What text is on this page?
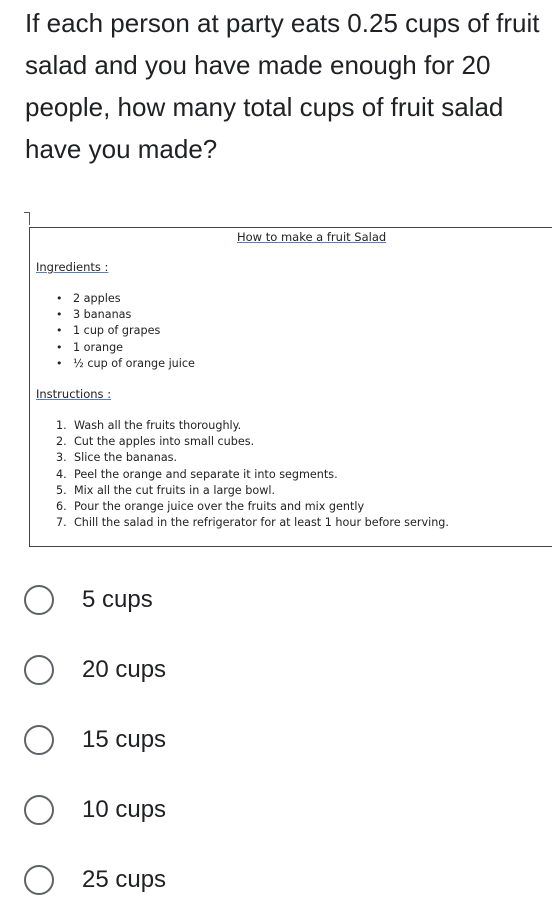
If each person at party eats 0.25 cups of fruit salad and you have made enough for 20 people, how many total cups of fruit salad have you made?
How to make a fruit Salad
Ingredients :
• 2 apples
• 3 bananas
• 1 cup of grapes
• 1 orange
• ½ cup of orange juice
Instructions :
1. Wash all the fruits thoroughly.
2. Cut the apples into small cubes.
3. Slice the bananas.
4. Peel the orange and separate it into segments.
5. Mix all the cut fruits in a large bowl.
6. Pour the orange juice over the fruits and mix gently
7. Chill the salad in the refrigerator for at least 1 hour before serving.
5 cups
20 cups
15 cups
10 cups
25 cups
